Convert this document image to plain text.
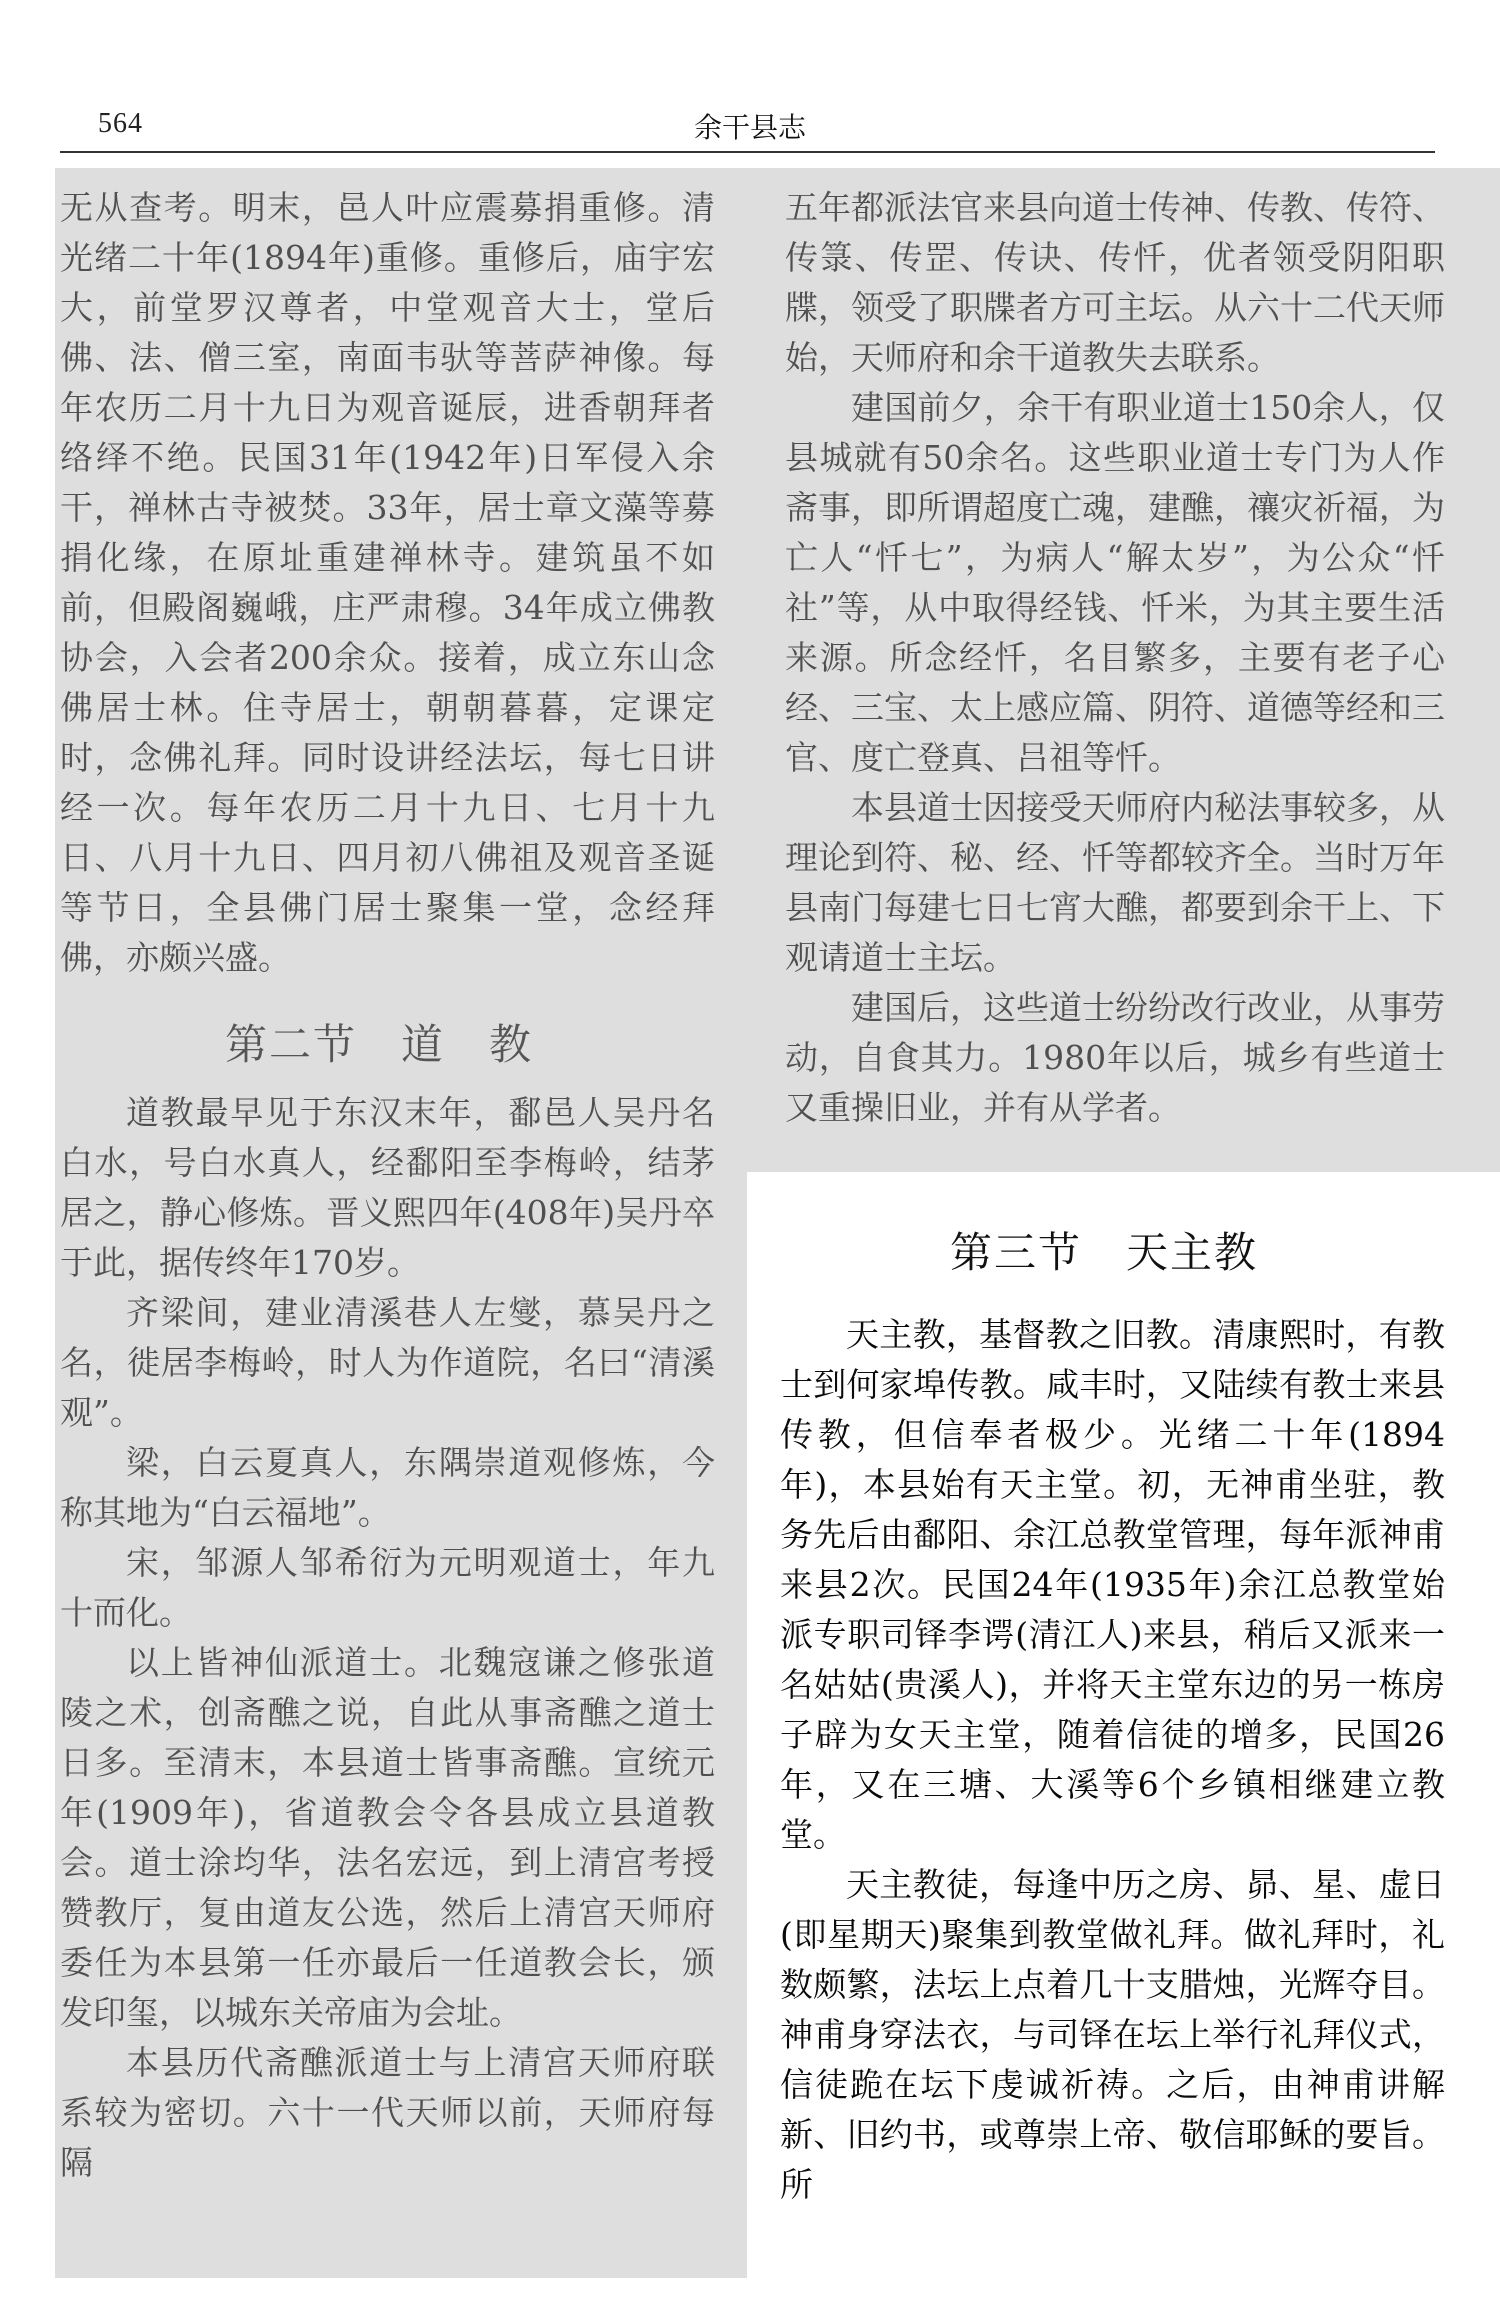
564	余干县志

无从查考。明末，邑人叶应震募捐重修。清光绪二十年(1894年)重修。重修后，庙宇宏大，前堂罗汉尊者，中堂观音大士，堂后佛、法、僧三室，南面韦驮等菩萨神像。每年农历二月十九日为观音诞辰，进香朝拜者络绎不绝。民国31年(1942年)日军侵入余干，禅林古寺被焚。33年，居士章文藻等募捐化缘，在原址重建禅林寺。建筑虽不如前，但殿阁巍峨，庄严肃穆。34年成立佛教协会，入会者200余众。接着，成立东山念佛居士林。住寺居士，朝朝暮暮，定课定时，念佛礼拜。同时设讲经法坛，每七日讲经一次。每年农历二月十九日、七月十九日、八月十九日、四月初八佛祖及观音圣诞等节日，全县佛门居士聚集一堂，念经拜佛，亦颇兴盛。

第二节　道　教

道教最早见于东汉末年，鄱邑人吴丹名白水，号白水真人，经鄱阳至李梅岭，结茅居之，静心修炼。晋义熙四年(408年)吴丹卒于此，据传终年170岁。

齐梁间，建业清溪巷人左燮，慕吴丹之名，徙居李梅岭，时人为作道院，名曰“清溪观”。

梁，白云夏真人，东隅崇道观修炼，今称其地为“白云福地”。

宋，邹源人邹希衍为元明观道士，年九十而化。

以上皆神仙派道士。北魏寇谦之修张道陵之术，创斋醮之说，自此从事斋醮之道士日多。至清末，本县道士皆事斋醮。宣统元年(1909年)，省道教会令各县成立县道教会。道士涂均华，法名宏远，到上清宫考授赞教厅，复由道友公选，然后上清宫天师府委任为本县第一任亦最后一任道教会长，颁发印玺，以城东关帝庙为会址。

本县历代斋醮派道士与上清宫天师府联系较为密切。六十一代天师以前，天师府每隔

五年都派法官来县向道士传神、传教、传符、传箓、传罡、传诀、传忏，优者领受阴阳职牒，领受了职牒者方可主坛。从六十二代天师始，天师府和余干道教失去联系。

建国前夕，余干有职业道士150余人，仅县城就有50余名。这些职业道士专门为人作斋事，即所谓超度亡魂，建醮，禳灾祈福，为亡人“忏七”，为病人“解太岁”，为公众“忏社”等，从中取得经钱、忏米，为其主要生活来源。所念经忏，名目繁多，主要有老子心经、三宝、太上感应篇、阴符、道德等经和三官、度亡登真、吕祖等忏。

本县道士因接受天师府内秘法事较多，从理论到符、秘、经、忏等都较齐全。当时万年县南门每建七日七宵大醮，都要到余干上、下观请道士主坛。

建国后，这些道士纷纷改行改业，从事劳动，自食其力。1980年以后，城乡有些道士又重操旧业，并有从学者。

第三节　天主教

天主教，基督教之旧教。清康熙时，有教士到何家埠传教。咸丰时，又陆续有教士来县传教，但信奉者极少。光绪二十年(1894年)，本县始有天主堂。初，无神甫坐驻，教务先后由鄱阳、余江总教堂管理，每年派神甫来县2次。民国24年(1935年)余江总教堂始派专职司铎李谔(清江人)来县，稍后又派来一名姑姑(贵溪人)，并将天主堂东边的另一栋房子辟为女天主堂，随着信徒的增多，民国26年，又在三塘、大溪等6个乡镇相继建立教堂。

天主教徒，每逢中历之房、昴、星、虚日(即星期天)聚集到教堂做礼拜。做礼拜时，礼数颇繁，法坛上点着几十支腊烛，光辉夺目。神甫身穿法衣，与司铎在坛上举行礼拜仪式，信徒跪在坛下虔诚祈祷。之后，由神甫讲解新、旧约书，或尊崇上帝、敬信耶稣的要旨。所
